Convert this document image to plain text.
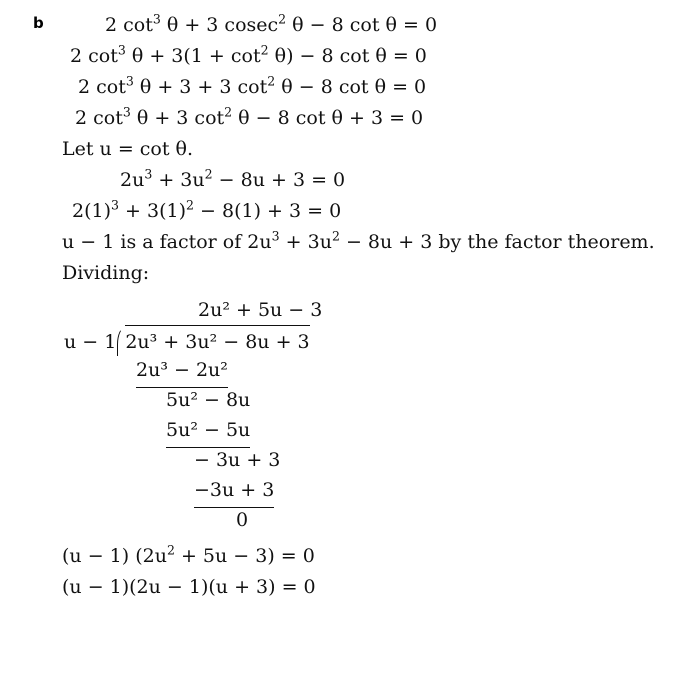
b	2 $\cot^3 \theta + 3$ cosec$^2$ θ − 8 cot θ = 0
2 $\cot^3 \theta + 3(1 + \cot^2 \theta) - 8$ cot θ = 0
2 $\cot^3 \theta + 3 + 3$ $\cot^2 \theta - 8$ cot θ = 0
2 $\cot^3 \theta + 3$ $\cot^2 \theta - 8$ cot θ + 3 = 0
Let u = cot θ.
$2u^3 + 3u^2 - 8u + 3 = 0$
$2(1)^3 + 3(1)^2 - 8(1) + 3 = 0$
u − 1 is a factor of $2u^3 + 3u^2 - 8u + 3$ by the factor theorem.
Dividing:
2u² + 5u − 3
u − 1 2u³ + 3u² − 8u + 3
2u³ − 2u²
5u² − 8u
5u² − 5u
− 3u + 3
−3u + 3
0
(u − 1) $(2u^2 + 5u - 3) = 0$
(u − 1)(2u − 1)(u + 3) = 0
